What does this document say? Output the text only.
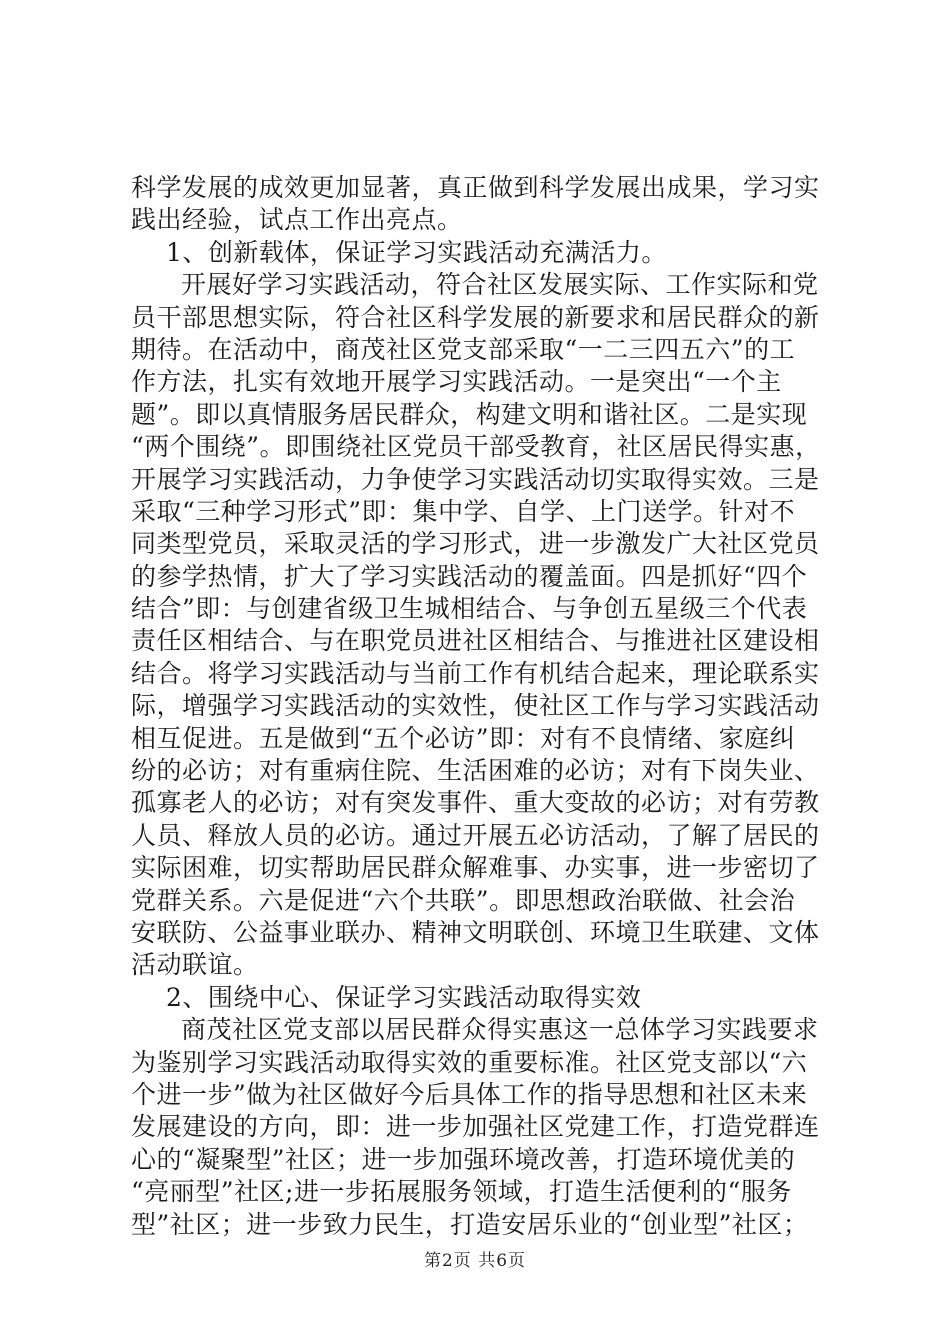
科学发展的成效更加显著，真正做到科学发展出成果，学习实
践出经验，试点工作出亮点。
1、创新载体，保证学习实践活动充满活力。
开展好学习实践活动，符合社区发展实际、工作实际和党
员干部思想实际，符合社区科学发展的新要求和居民群众的新
期待。在活动中，商茂社区党支部采取“一二三四五六”的工
作方法，扎实有效地开展学习实践活动。一是突出“一个主
题”。即以真情服务居民群众，构建文明和谐社区。二是实现
“两个围绕”。即围绕社区党员干部受教育，社区居民得实惠，
开展学习实践活动，力争使学习实践活动切实取得实效。三是
采取“三种学习形式”即：集中学、自学、上门送学。针对不
同类型党员，采取灵活的学习形式，进一步激发广大社区党员
的参学热情，扩大了学习实践活动的覆盖面。四是抓好“四个
结合”即：与创建省级卫生城相结合、与争创五星级三个代表
责任区相结合、与在职党员进社区相结合、与推进社区建设相
结合。将学习实践活动与当前工作有机结合起来，理论联系实
际，增强学习实践活动的实效性，使社区工作与学习实践活动
相互促进。五是做到“五个必访”即：对有不良情绪、家庭纠
纷的必访；对有重病住院、生活困难的必访；对有下岗失业、
孤寡老人的必访；对有突发事件、重大变故的必访；对有劳教
人员、释放人员的必访。通过开展五必访活动，了解了居民的
实际困难，切实帮助居民群众解难事、办实事，进一步密切了
党群关系。六是促进“六个共联”。即思想政治联做、社会治
安联防、公益事业联办、精神文明联创、环境卫生联建、文体
活动联谊。
2、围绕中心、保证学习实践活动取得实效
商茂社区党支部以居民群众得实惠这一总体学习实践要求
为鉴别学习实践活动取得实效的重要标准。社区党支部以“六
个进一步”做为社区做好今后具体工作的指导思想和社区未来
发展建设的方向，即：进一步加强社区党建工作，打造党群连
心的“凝聚型”社区；进一步加强环境改善，打造环境优美的
“亮丽型”社区;进一步拓展服务领域，打造生活便利的“服务
型”社区；进一步致力民生，打造安居乐业的“创业型”社区；
第2页 共6页
